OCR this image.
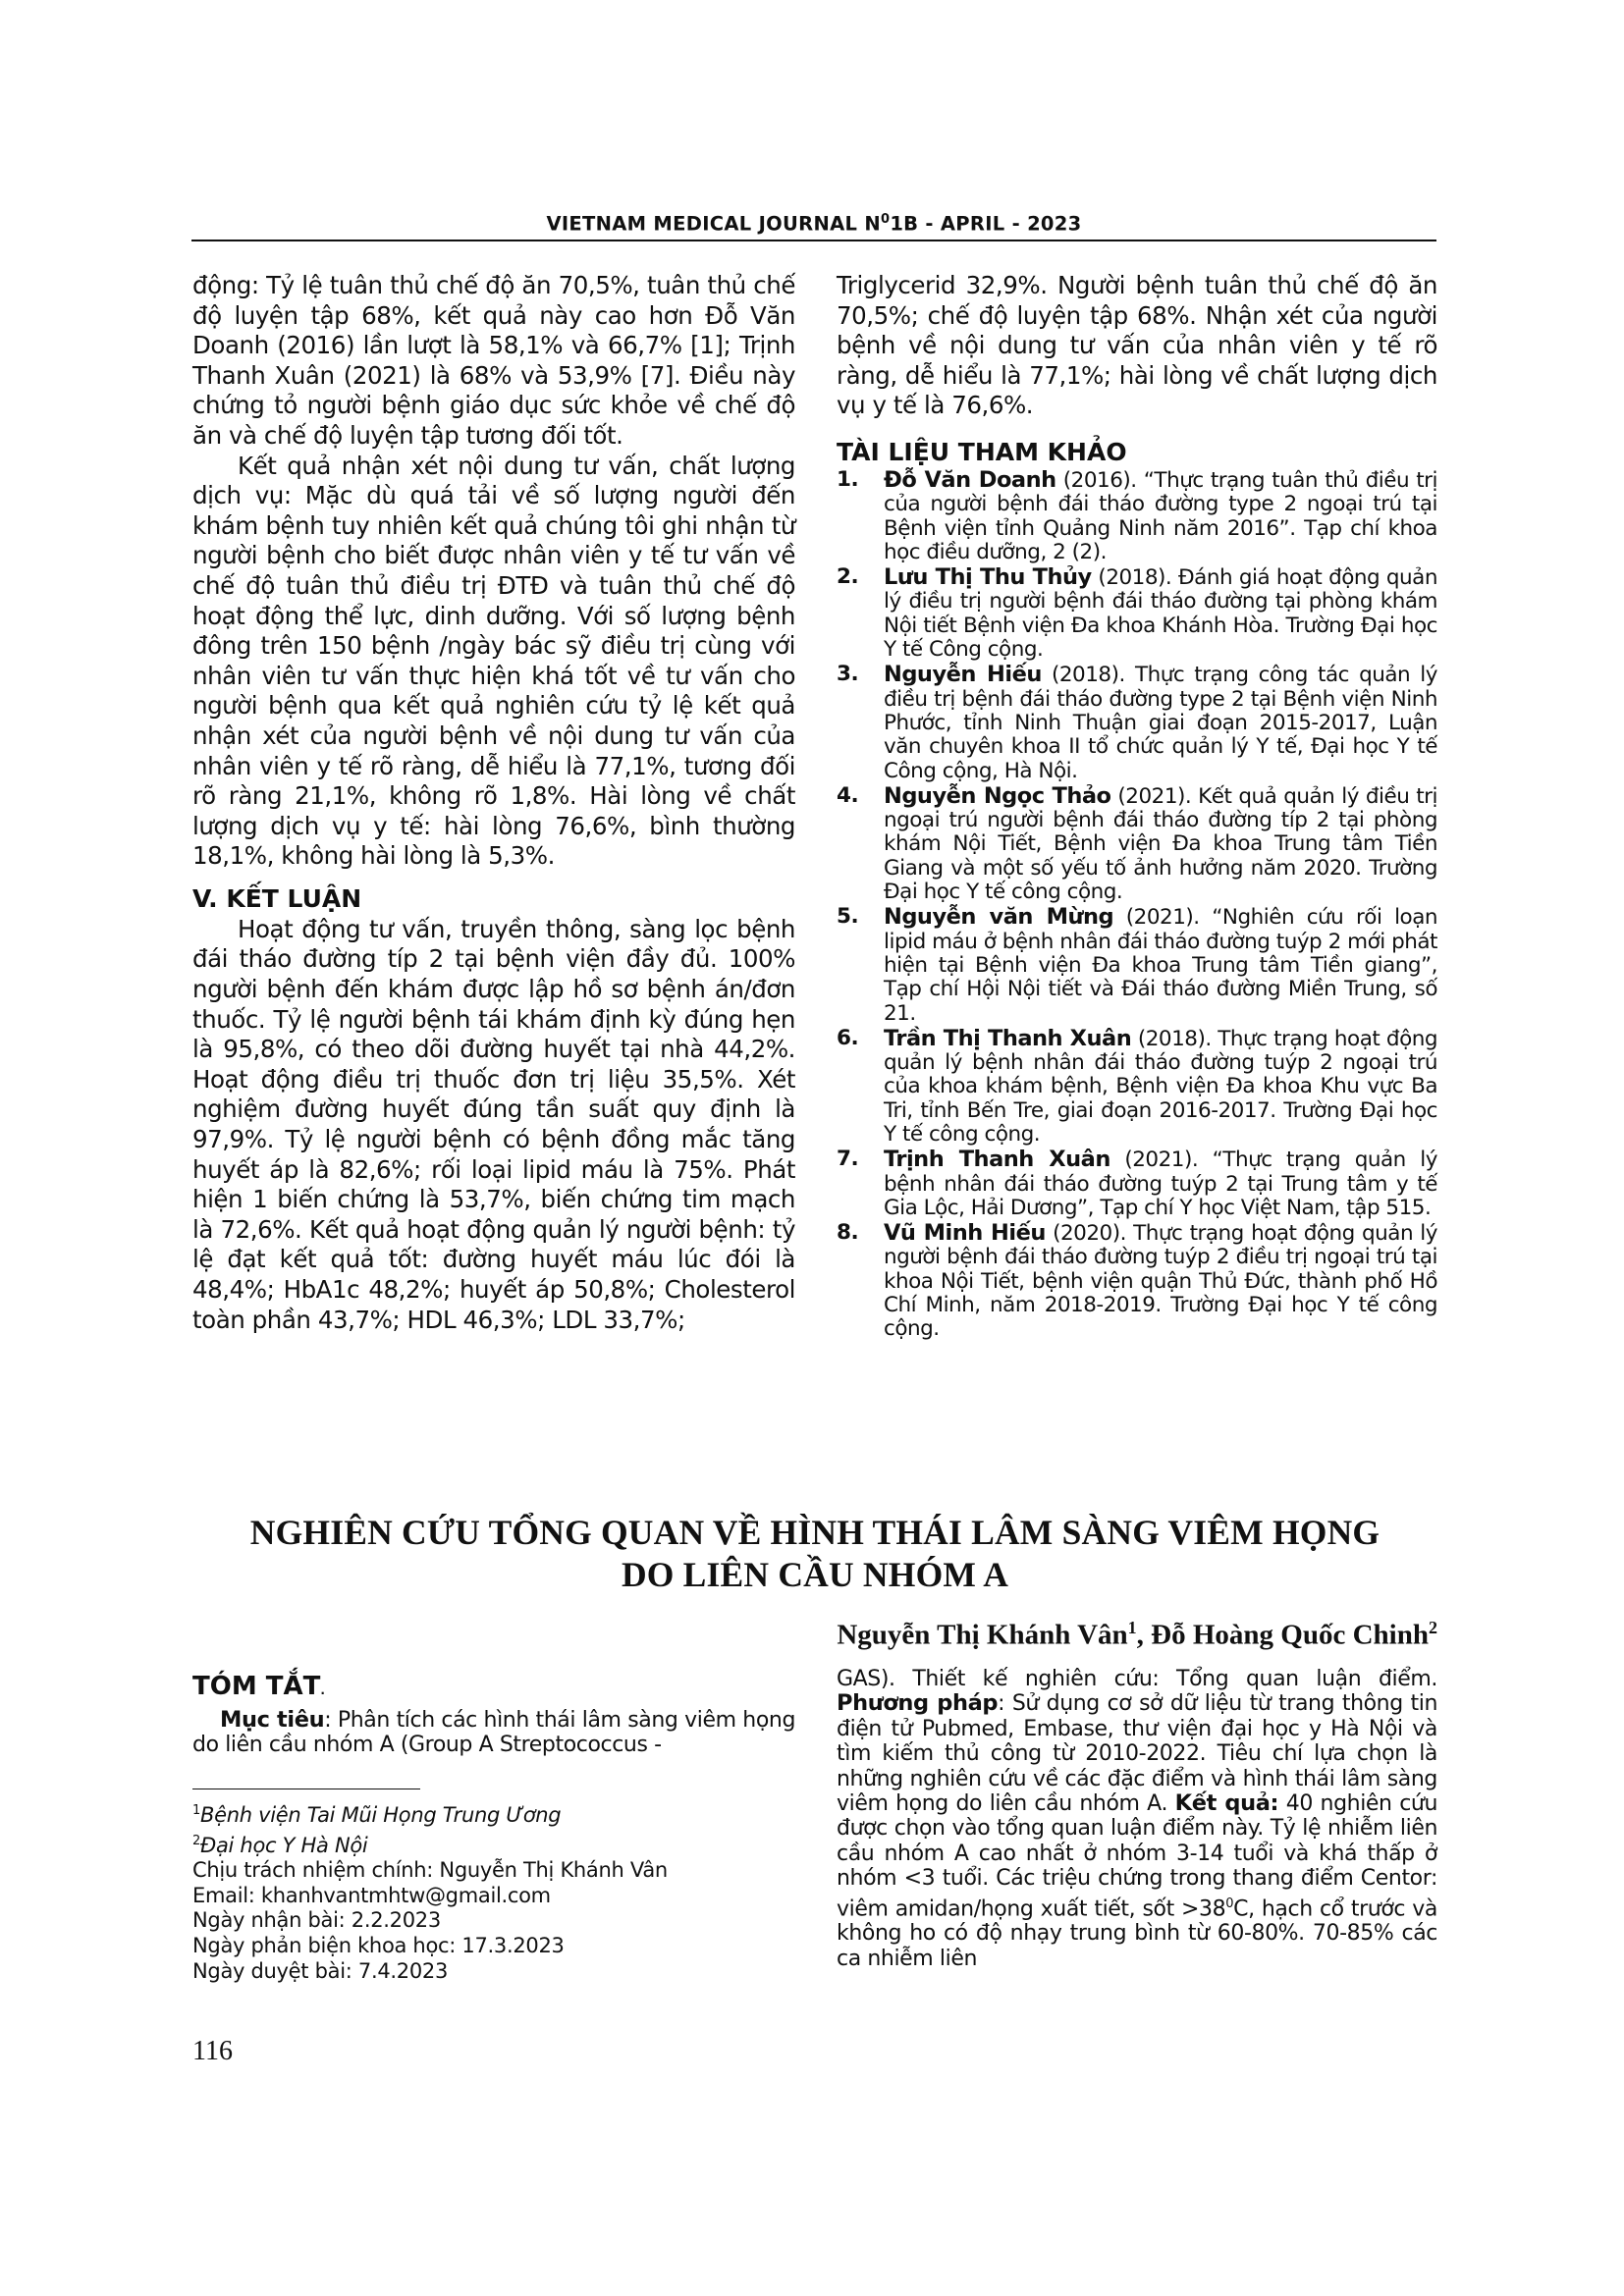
VIETNAM MEDICAL JOURNAL $N^01B$ - APRIL - 2023

động: Tỷ lệ tuân thủ chế độ ăn 70,5%, tuân thủ chế độ luyện tập 68%, kết quả này cao hơn Đỗ Văn Doanh (2016) lần lượt là 58,1% và 66,7% [1]; Trịnh Thanh Xuân (2021) là 68% và 53,9% [7]. Điều này chứng tỏ người bệnh giáo dục sức khỏe về chế độ ăn và chế độ luyện tập tương đối tốt.

Kết quả nhận xét nội dung tư vấn, chất lượng dịch vụ: Mặc dù quá tải về số lượng người đến khám bệnh tuy nhiên kết quả chúng tôi ghi nhận từ người bệnh cho biết được nhân viên y tế tư vấn về chế độ tuân thủ điều trị ĐTĐ và tuân thủ chế độ hoạt động thể lực, dinh dưỡng. Với số lượng bệnh đông trên 150 bệnh /ngày bác sỹ điều trị cùng với nhân viên tư vấn thực hiện khá tốt về tư vấn cho người bệnh qua kết quả nghiên cứu tỷ lệ kết quả nhận xét của người bệnh về nội dung tư vấn của nhân viên y tế rõ ràng, dễ hiểu là 77,1%, tương đối rõ ràng 21,1%, không rõ 1,8%. Hài lòng về chất lượng dịch vụ y tế: hài lòng 76,6%, bình thường 18,1%, không hài lòng là 5,3%.

V. KẾT LUẬN

Hoạt động tư vấn, truyền thông, sàng lọc bệnh đái tháo đường típ 2 tại bệnh viện đầy đủ. 100% người bệnh đến khám được lập hồ sơ bệnh án/đơn thuốc. Tỷ lệ người bệnh tái khám định kỳ đúng hẹn là 95,8%, có theo dõi đường huyết tại nhà 44,2%. Hoạt động điều trị thuốc đơn trị liệu 35,5%. Xét nghiệm đường huyết đúng tần suất quy định là 97,9%. Tỷ lệ người bệnh có bệnh đồng mắc tăng huyết áp là 82,6%; rối loại lipid máu là 75%. Phát hiện 1 biến chứng là 53,7%, biến chứng tim mạch là 72,6%. Kết quả hoạt động quản lý người bệnh: tỷ lệ đạt kết quả tốt: đường huyết máu lúc đói là 48,4%; HbA1c 48,2%; huyết áp 50,8%; Cholesterol toàn phần 43,7%; HDL 46,3%; LDL 33,7%;

Triglycerid 32,9%. Người bệnh tuân thủ chế độ ăn 70,5%; chế độ luyện tập 68%. Nhận xét của người bệnh về nội dung tư vấn của nhân viên y tế rõ ràng, dễ hiểu là 77,1%; hài lòng về chất lượng dịch vụ y tế là 76,6%.

TÀI LIỆU THAM KHẢO
1. Đỗ Văn Doanh (2016). “Thực trạng tuân thủ điều trị của người bệnh đái tháo đường type 2 ngoại trú tại Bệnh viện tỉnh Quảng Ninh năm 2016”. Tạp chí khoa học điều dưỡng, 2 (2).
2. Lưu Thị Thu Thủy (2018). Đánh giá hoạt động quản lý điều trị người bệnh đái tháo đường tại phòng khám Nội tiết Bệnh viện Đa khoa Khánh Hòa. Trường Đại học Y tế Công cộng.
3. Nguyễn Hiếu (2018). Thực trạng công tác quản lý điều trị bệnh đái tháo đường type 2 tại Bệnh viện Ninh Phước, tỉnh Ninh Thuận giai đoạn 2015-2017, Luận văn chuyên khoa II tổ chức quản lý Y tế, Đại học Y tế Công cộng, Hà Nội.
4. Nguyễn Ngọc Thảo (2021). Kết quả quản lý điều trị ngoại trú người bệnh đái tháo đường típ 2 tại phòng khám Nội Tiết, Bệnh viện Đa khoa Trung tâm Tiền Giang và một số yếu tố ảnh hưởng năm 2020. Trường Đại học Y tế công cộng.
5. Nguyễn văn Mừng (2021). “Nghiên cứu rối loạn lipid máu ở bệnh nhân đái tháo đường tuýp 2 mới phát hiện tại Bệnh viện Đa khoa Trung tâm Tiền giang”, Tạp chí Hội Nội tiết và Đái tháo đường Miền Trung, số 21.
6. Trần Thị Thanh Xuân (2018). Thực trạng hoạt động quản lý bệnh nhân đái tháo đường tuýp 2 ngoại trú của khoa khám bệnh, Bệnh viện Đa khoa Khu vực Ba Tri, tỉnh Bến Tre, giai đoạn 2016-2017. Trường Đại học Y tế công cộng.
7. Trịnh Thanh Xuân (2021). “Thực trạng quản lý bệnh nhân đái tháo đường tuýp 2 tại Trung tâm y tế Gia Lộc, Hải Dương”, Tạp chí Y học Việt Nam, tập 515.
8. Vũ Minh Hiếu (2020). Thực trạng hoạt động quản lý người bệnh đái tháo đường tuýp 2 điều trị ngoại trú tại khoa Nội Tiết, bệnh viện quận Thủ Đức, thành phố Hồ Chí Minh, năm 2018-2019. Trường Đại học Y tế công cộng.
NGHIÊN CỨU TỔNG QUAN VỀ HÌNH THÁI LÂM SÀNG VIÊM HỌNG
DO LIÊN CẦU NHÓM A
Nguyễn Thị Khánh Vân$^1$, Đỗ Hoàng Quốc Chinh$^2$
TÓM TẮT.

Mục tiêu: Phân tích các hình thái lâm sàng viêm họng do liên cầu nhóm A (Group A Streptococcus -

$^1$Bệnh viện Tai Mũi Họng Trung Ương

$^2$Đại học Y Hà Nội

Chịu trách nhiệm chính: Nguyễn Thị Khánh Vân

Email: khanhvantmhtw@gmail.com

Ngày nhận bài: 2.2.2023

Ngày phản biện khoa học: 17.3.2023

Ngày duyệt bài: 7.4.2023

GAS). Thiết kế nghiên cứu: Tổng quan luận điểm. Phương pháp: Sử dụng cơ sở dữ liệu từ trang thông tin điện tử Pubmed, Embase, thư viện đại học y Hà Nội và tìm kiếm thủ công từ 2010-2022. Tiêu chí lựa chọn là những nghiên cứu về các đặc điểm và hình thái lâm sàng viêm họng do liên cầu nhóm A. Kết quả: 40 nghiên cứu được chọn vào tổng quan luận điểm này. Tỷ lệ nhiễm liên cầu nhóm A cao nhất ở nhóm 3-14 tuổi và khá thấp ở nhóm <3 tuổi. Các triệu chứng trong thang điểm Centor: viêm amidan/họng xuất tiết, sốt $>38^0C$, hạch cổ trước và không ho có độ nhạy trung bình từ 60-80%. 70-85% các ca nhiễm liên

116
